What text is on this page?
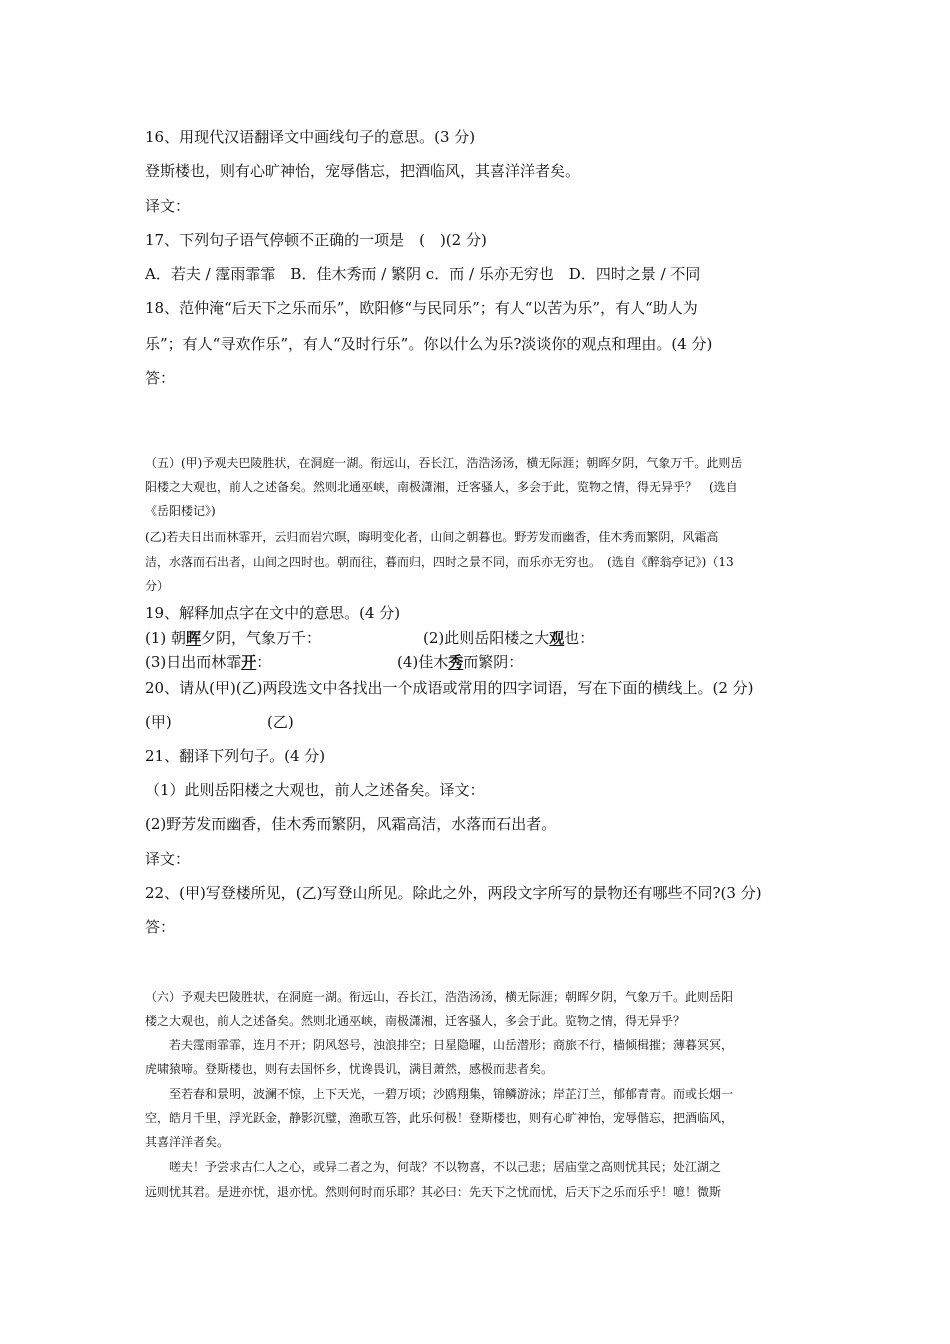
16、用现代汉语翻译文中画线句子的意思。(3 分)
登斯楼也，则有心旷神怡，宠辱偕忘，把酒临风，其喜洋洋者矣。
译文：
17、下列句子语气停顿不正确的一项是　(　)(2 分)
A．若夫 / 霪雨霏霏　B．佳木秀而 / 繁阴 c．而 / 乐亦无穷也　D．四时之景 / 不同
18、范仲淹“后天下之乐而乐”，欧阳修“与民同乐”；有人“以苦为乐”，有人“助人为
乐”；有人“寻欢作乐”，有人“及时行乐”。你以什么为乐?淡谈你的观点和理由。(4 分)
答：
（五）(甲)予观夫巴陵胜状，在洞庭一湖。衔远山，吞长江，浩浩汤汤，横无际涯；朝晖夕阴，气象万千。此则岳
阳楼之大观也，前人之述备矣。然则北通巫峡，南极潇湘，迁客骚人，多会于此，览物之情，得无异乎？　(选自
《岳阳楼记》)
(乙)若夫日出而林霏开，云归而岩穴暝，晦明变化者，山间之朝暮也。野芳发而幽香，佳木秀而繁阴，风霜高
洁，水落而石出者，山间之四时也。朝而往，暮而归，四时之景不同，而乐亦无穷也。　(选自《醉翁亭记》)（13
分）
19、解释加点字在文中的意思。(4 分)
(1) 朝晖夕阴，气象万千：	(2)此则岳阳楼之大观也：
(3)日出而林霏开：	(4)佳木秀而繁阴：
20、请从(甲)(乙)两段选文中各找出一个成语或常用的四字词语，写在下面的横线上。(2 分)
(甲)	(乙)
21、翻译下列句子。(4 分)
（1）此则岳阳楼之大观也，前人之述备矣。译文：
(2)野芳发而幽香，佳木秀而繁阴，风霜高洁，水落而石出者。
译文：
22、(甲)写登楼所见，(乙)写登山所见。除此之外，两段文字所写的景物还有哪些不同?(3 分)
答：
（六）予观夫巴陵胜状，在洞庭一湖。衔远山，吞长江，浩浩汤汤，横无际涯；朝晖夕阴，气象万千。此则岳阳
楼之大观也，前人之述备矣。然则北通巫峡，南极潇湘，迁客骚人，多会于此。览物之情，得无异乎？
　　若夫霪雨霏霏，连月不开；阴风怒号，浊浪排空；日星隐曜，山岳潜形；商旅不行，樯倾楫摧；薄暮冥冥，
虎啸猿啼。登斯楼也，则有去国怀乡，忧谗畏讥，满目萧然，感极而悲者矣。
　　至若春和景明，波澜不惊，上下天光，一碧万顷；沙鸥翔集，锦鳞游泳；岸芷汀兰，郁郁青青。而或长烟一
空，皓月千里，浮光跃金，静影沉璧，渔歌互答，此乐何极！登斯楼也，则有心旷神怡，宠辱偕忘，把酒临风，
其喜洋洋者矣。
　　嗟夫！予尝求古仁人之心，或异二者之为，何哉？不以物喜，不以己悲；居庙堂之高则忧其民；处江湖之
远则忧其君。是进亦忧，退亦忧。然则何时而乐耶？其必曰：先天下之忧而忧，后天下之乐而乐乎！噫！微斯
